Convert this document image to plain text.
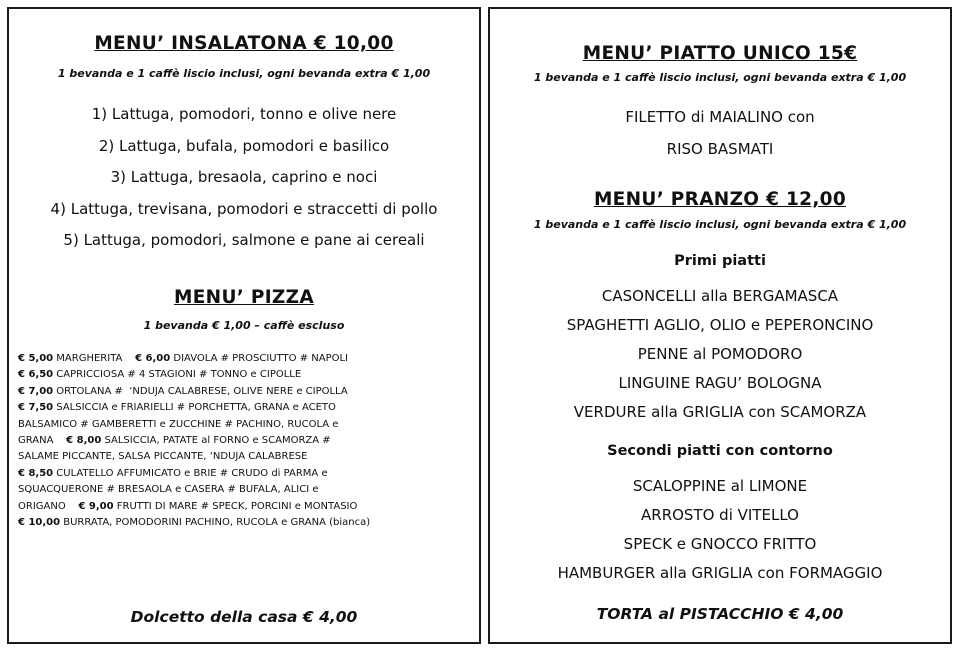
MENU’ INSALATONA € 10,00
1 bevanda e 1 caffè liscio inclusi, ogni bevanda extra € 1,00
1) Lattuga, pomodori, tonno e olive nere
2) Lattuga, bufala, pomodori e basilico
3) Lattuga, bresaola, caprino e noci
4) Lattuga, trevisana, pomodori e straccetti di pollo
5) Lattuga, pomodori, salmone e pane ai cereali
MENU’ PIZZA
1 bevanda € 1,00 – caffè escluso
€ 5,00 MARGHERITA    € 6,00 DIAVOLA # PROSCIUTTO # NAPOLI
€ 6,50 CAPRICCIOSA # 4 STAGIONI # TONNO e CIPOLLE
€ 7,00 ORTOLANA #  ‘NDUJA CALABRESE, OLIVE NERE e CIPOLLA
€ 7,50 SALSICCIA e FRIARIELLI # PORCHETTA, GRANA e ACETO
BALSAMICO # GAMBERETTI e ZUCCHINE # PACHINO, RUCOLA e
GRANA    € 8,00 SALSICCIA, PATATE al FORNO e SCAMORZA #
SALAME PICCANTE, SALSA PICCANTE, ‘NDUJA CALABRESE
€ 8,50 CULATELLO AFFUMICATO e BRIE # CRUDO di PARMA e
SQUACQUERONE # BRESAOLA e CASERA # BUFALA, ALICI e
ORIGANO    € 9,00 FRUTTI DI MARE # SPECK, PORCINI e MONTASIO
€ 10,00 BURRATA, POMODORINI PACHINO, RUCOLA e GRANA (bianca)
Dolcetto della casa € 4,00
MENU’ PIATTO UNICO 15€
1 bevanda e 1 caffè liscio inclusi, ogni bevanda extra € 1,00
FILETTO di MAIALINO con
RISO BASMATI
MENU’ PRANZO € 12,00
1 bevanda e 1 caffè liscio inclusi, ogni bevanda extra € 1,00
Primi piatti
CASONCELLI alla BERGAMASCA
SPAGHETTI AGLIO, OLIO e PEPERONCINO
PENNE al POMODORO
LINGUINE RAGU’ BOLOGNA
VERDURE alla GRIGLIA con SCAMORZA
Secondi piatti con contorno
SCALOPPINE al LIMONE
ARROSTO di VITELLO
SPECK e GNOCCO FRITTO
HAMBURGER alla GRIGLIA con FORMAGGIO
TORTA al PISTACCHIO € 4,00
